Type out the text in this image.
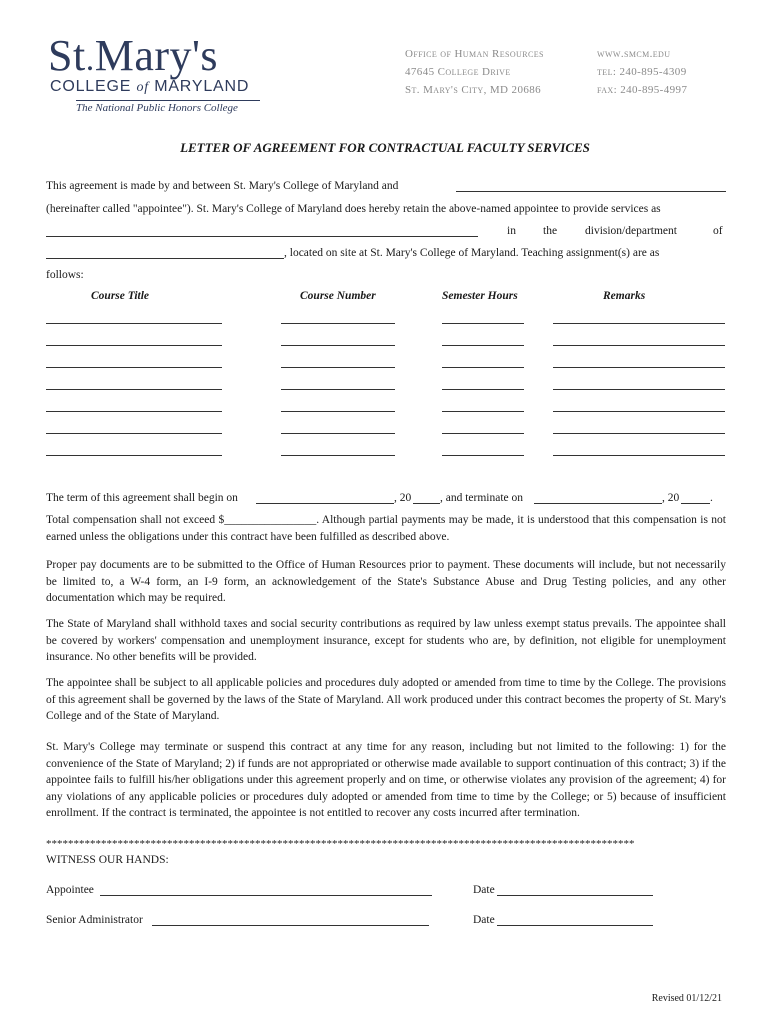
St.Mary's
COLLEGE of MARYLAND
The National Public Honors College
Office of Human Resources
47645 College Drive
St. Mary's City, MD 20686
www.smcm.edu
tel: 240-895-4309
fax: 240-895-4997
LETTER OF AGREEMENT FOR CONTRACTUAL FACULTY SERVICES
This agreement is made by and between St. Mary's College of Maryland and
(hereinafter called "appointee"). St. Mary's College of Maryland does hereby retain the above-named appointee to provide services as
in the division/department	of
, located on site at St. Mary's College of Maryland. Teaching assignment(s) are as
follows:
Course Title	Course Number	Semester Hours	Remarks
The term of this agreement shall begin on	, 20	, and terminate on	, 20	.
Total compensation shall not exceed $________________. Although partial payments may be made, it is understood that this compensation is not earned unless the obligations under this contract have been fulfilled as described above.
Proper pay documents are to be submitted to the Office of Human Resources prior to payment. These documents will include, but not necessarily be limited to, a W-4 form, an I-9 form, an acknowledgement of the State's Substance Abuse and Drug Testing policies, and any other documentation which may be required.
The State of Maryland shall withhold taxes and social security contributions as required by law unless exempt status prevails. The appointee shall be covered by workers' compensation and unemployment insurance, except for students who are, by definition, not eligible for unemployment insurance. No other benefits will be provided.
The appointee shall be subject to all applicable policies and procedures duly adopted or amended from time to time by the College. The provisions of this agreement shall be governed by the laws of the State of Maryland. All work produced under this contract becomes the property of St. Mary's College and of the State of Maryland.
St. Mary's College may terminate or suspend this contract at any time for any reason, including but not limited to the following: 1) for the convenience of the State of Maryland; 2) if funds are not appropriated or otherwise made available to support continuation of this contract; 3) if the appointee fails to fulfill his/her obligations under this agreement properly and on time, or otherwise violates any provision of the agreement; 4) for any violations of any applicable policies or procedures duly adopted or amended from time to time by the College; or 5) because of insufficient enrollment. If the contract is terminated, the appointee is not entitled to recover any costs incurred after termination.
***********************************************************************************************************
WITNESS OUR HANDS:
Appointee	Date
Senior Administrator	Date
Revised 01/12/21
